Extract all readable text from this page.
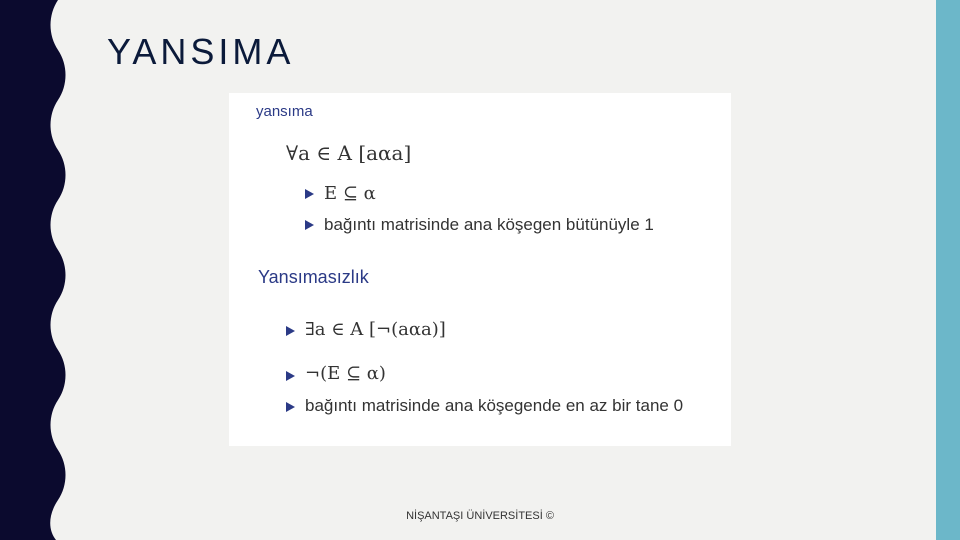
YANSIMA
yansıma
∀a ∈ A [aαa]
E ⊆ α
bağıntı matrisinde ana köşegen bütünüyle 1
Yansımasızlık
∃a ∈ A [¬(aαa)]
¬(E ⊆ α)
bağıntı matrisinde ana köşegende en az bir tane 0
NİŞANTAŞI ÜNİVERSİTESİ ©
